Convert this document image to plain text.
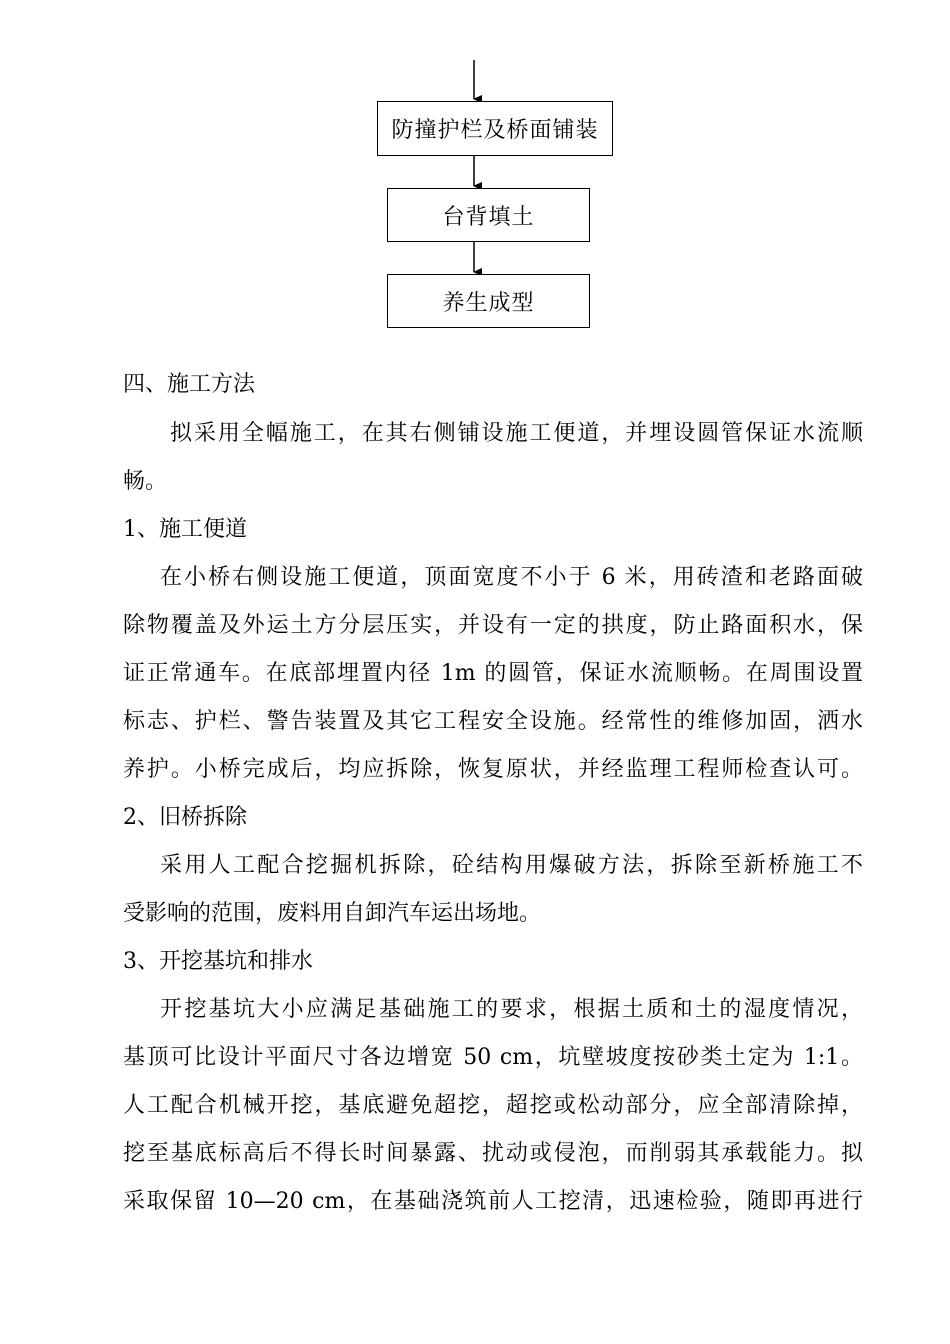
防撞护栏及桥面铺装
台背填土
养生成型
四、施工方法
拟采用全幅施工，在其右侧铺设施工便道，并埋设圆管保证水流顺
畅。
1、施工便道
在小桥右侧设施工便道，顶面宽度不小于 6 米，用砖渣和老路面破
除物覆盖及外运土方分层压实，并设有一定的拱度，防止路面积水，保
证正常通车。在底部埋置内径 1m 的圆管，保证水流顺畅。在周围设置
标志、护栏、警告装置及其它工程安全设施。经常性的维修加固，洒水
养护。小桥完成后，均应拆除，恢复原状，并经监理工程师检查认可。
2、旧桥拆除
采用人工配合挖掘机拆除，砼结构用爆破方法，拆除至新桥施工不
受影响的范围，废料用自卸汽车运出场地。
3、开挖基坑和排水
开挖基坑大小应满足基础施工的要求，根据土质和土的湿度情况，
基顶可比设计平面尺寸各边增宽 50 cm，坑壁坡度按砂类土定为 1:1。
人工配合机械开挖，基底避免超挖，超挖或松动部分，应全部清除掉，
挖至基底标高后不得长时间暴露、扰动或侵泡，而削弱其承载能力。拟
采取保留 10—20 cm，在基础浇筑前人工挖清，迅速检验，随即再进行
